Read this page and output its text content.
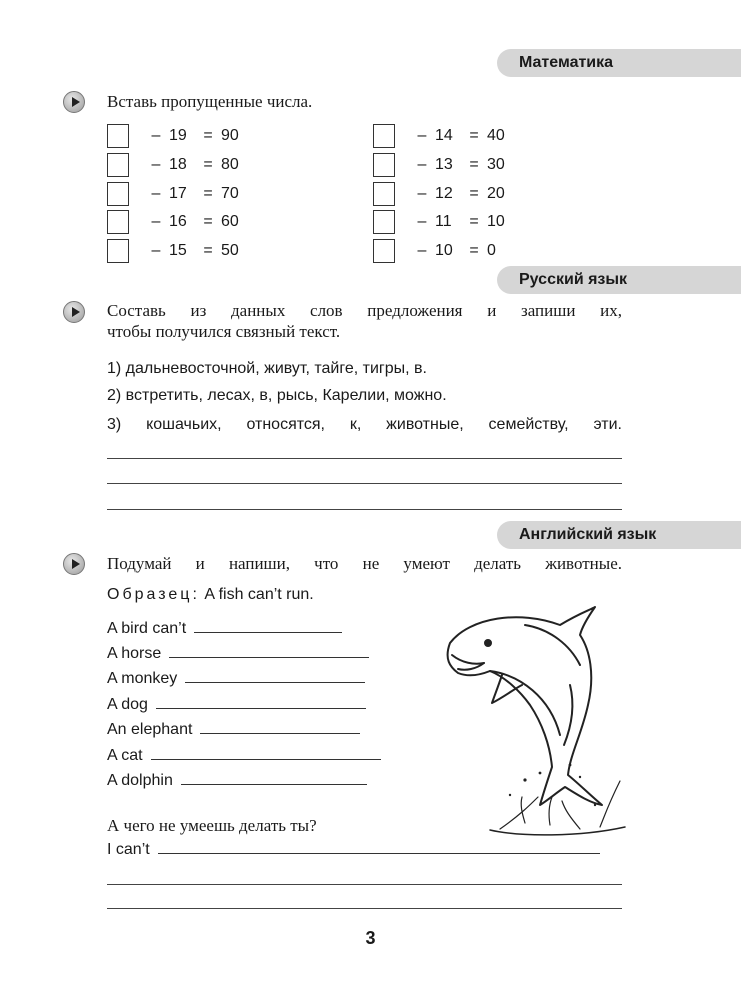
Математика
Вставь пропущенные числа.
– 19	= 90
– 18	= 80
– 17	= 70
– 16	= 60
– 15	= 50
– 14	= 40
– 13	= 30
– 12	= 20
– 11	= 10
– 10	= 0
Русский язык
Составь из данных слов предложения и запиши их,
чтобы получился связный текст.
1) дальневосточной, живут, тайге, тигры, в.
2) встретить, лесах, в, рысь, Карелии, можно.
3) кошачьих, относятся, к, животные, семейству, эти.
Английский язык
Подумай и напиши, что не умеют делать животные.
Образец: A fish can’t run.
A bird can’t
A horse
A monkey
A dog
An elephant
A cat
A dolphin
А чего не умеешь делать ты?
I can’t
3
